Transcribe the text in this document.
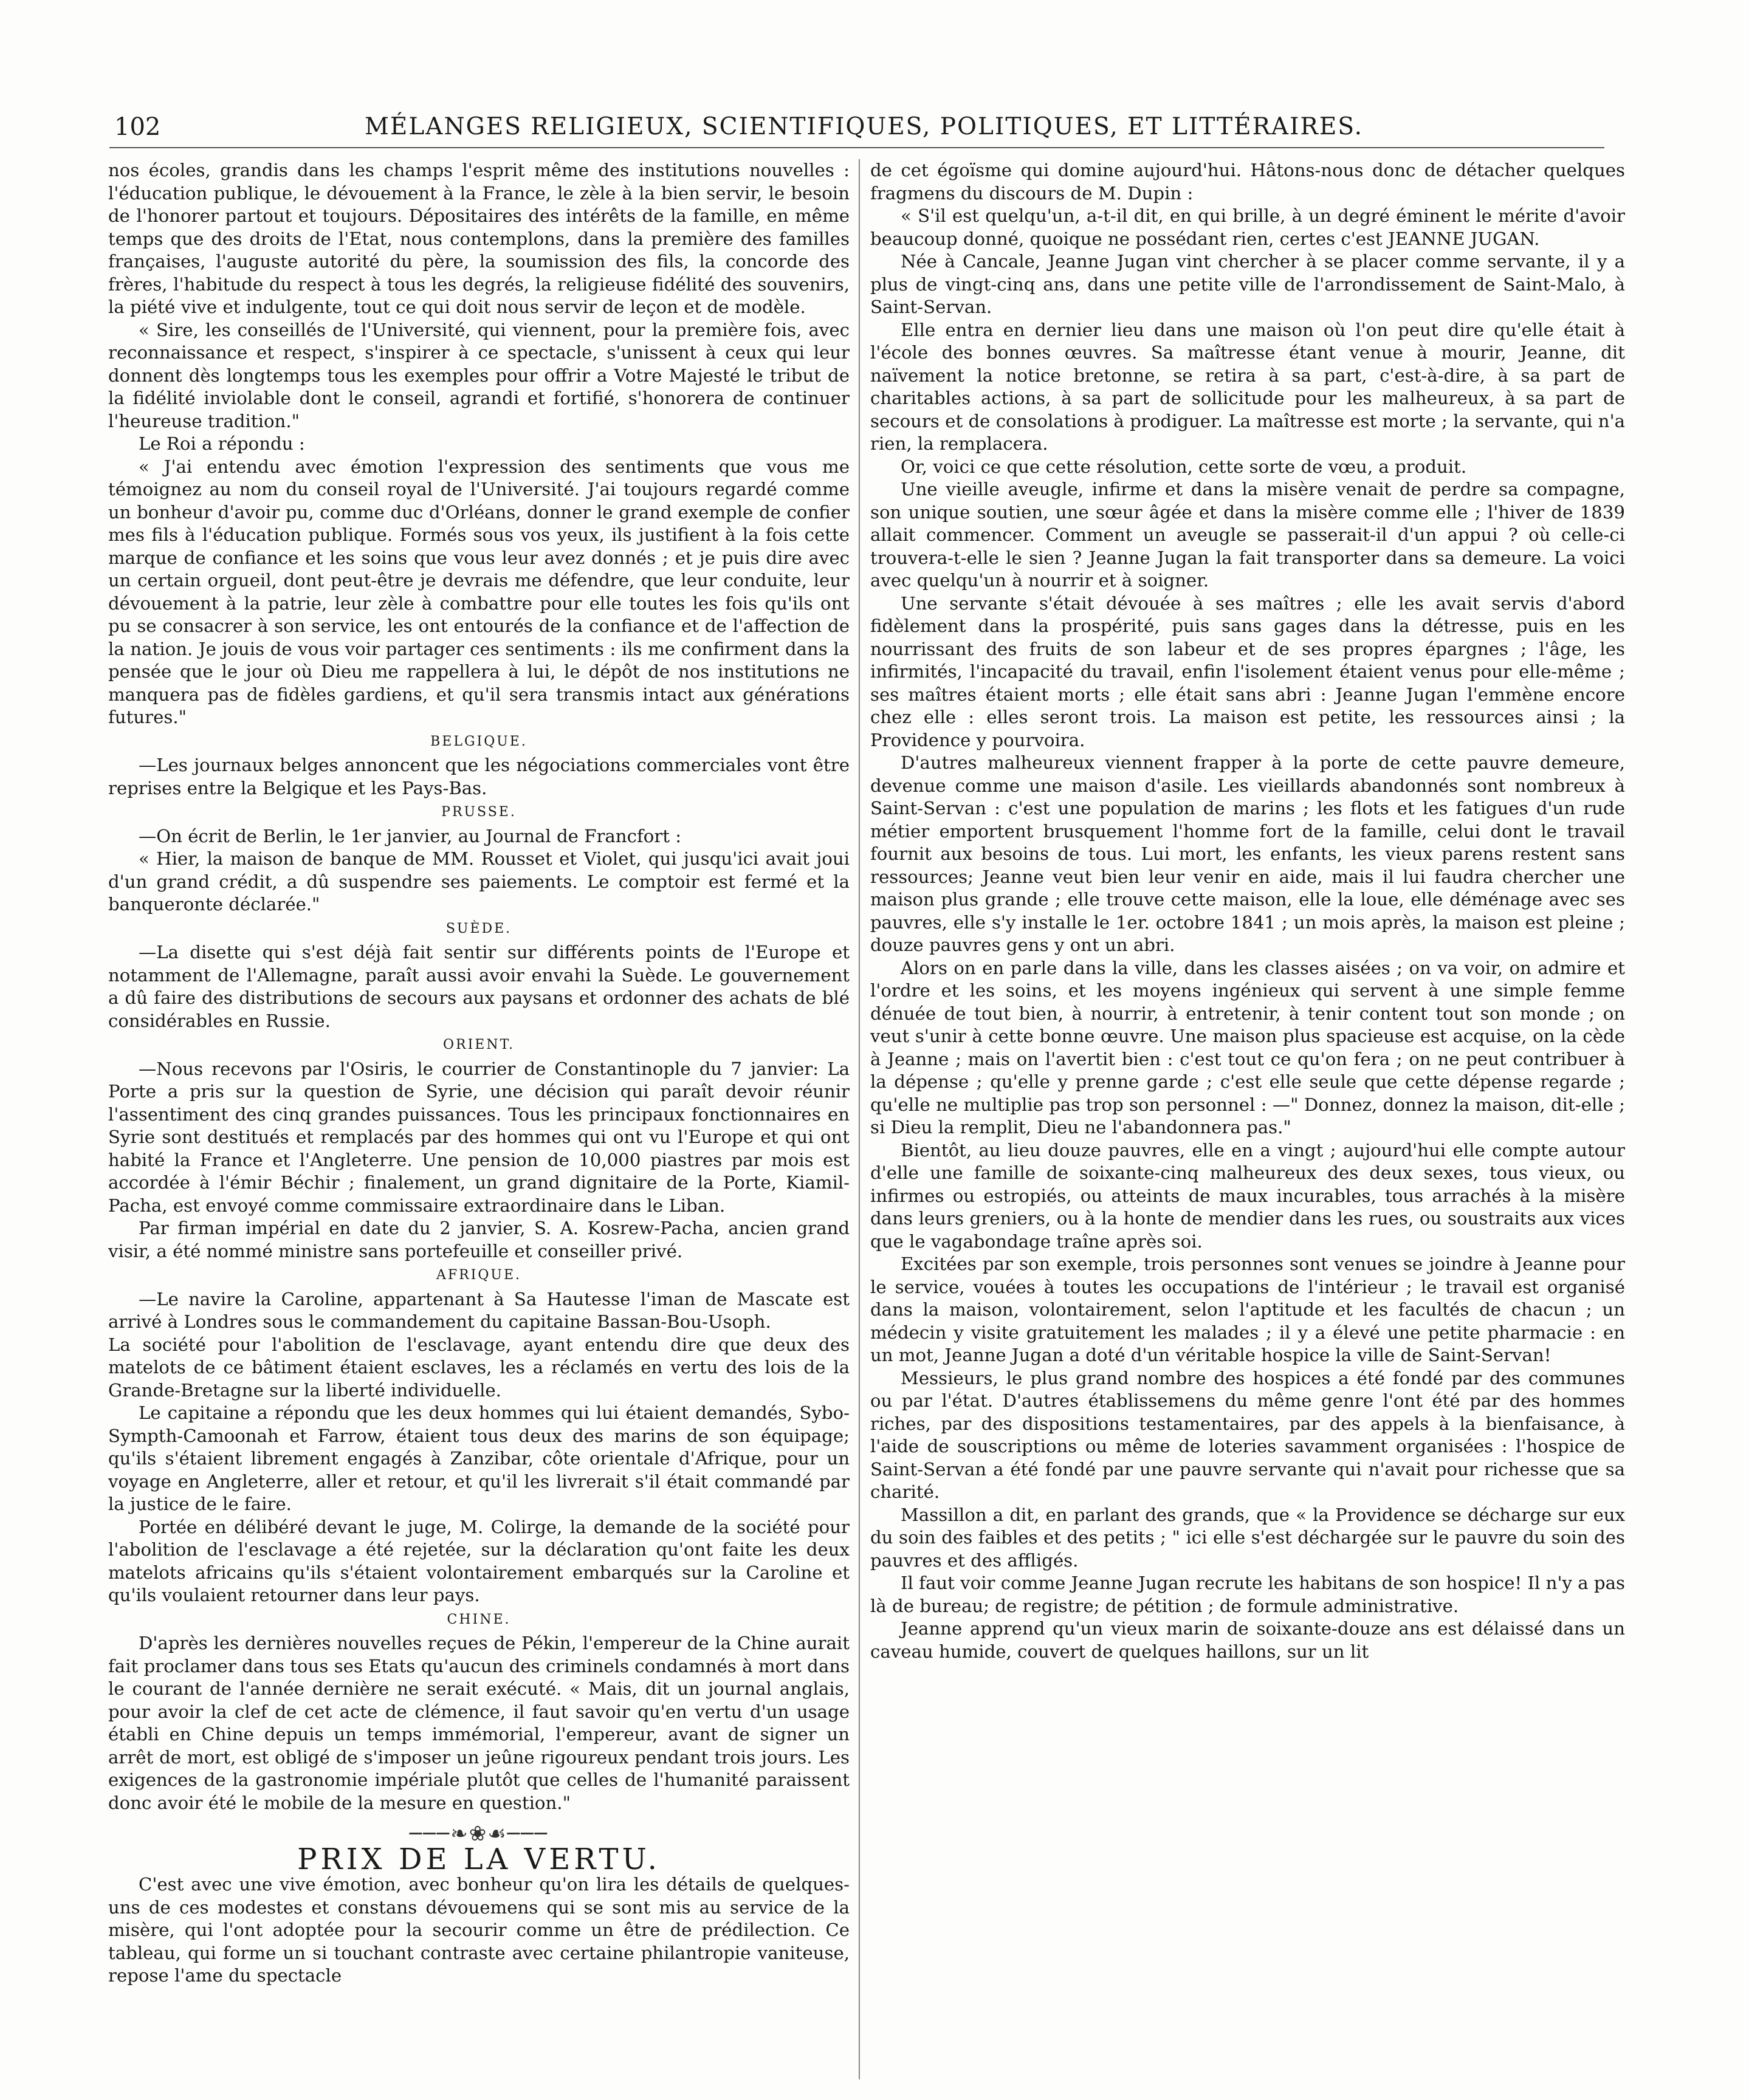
102	MÉLANGES RELIGIEUX, SCIENTIFIQUES, POLITIQUES, ET LITTÉRAIRES.

nos écoles, grandis dans les champs l'esprit même des institutions nouvelles : l'éducation publique, le dévouement à la France, le zèle à la bien servir, le besoin de l'honorer partout et toujours. Dépositaires des intérêts de la famille, en même temps que des droits de l'Etat, nous contemplons, dans la première des familles françaises, l'auguste autorité du père, la soumission des fils, la concorde des frères, l'habitude du respect à tous les degrés, la religieuse fidélité des souvenirs, la piété vive et indulgente, tout ce qui doit nous servir de leçon et de modèle.

« Sire, les conseillés de l'Université, qui viennent, pour la première fois, avec reconnaissance et respect, s'inspirer à ce spectacle, s'unissent à ceux qui leur donnent dès longtemps tous les exemples pour offrir a Votre Majesté le tribut de la fidélité inviolable dont le conseil, agrandi et fortifié, s'honorera de continuer l'heureuse tradition."

Le Roi a répondu :

« J'ai entendu avec émotion l'expression des sentiments que vous me témoignez au nom du conseil royal de l'Université. J'ai toujours regardé comme un bonheur d'avoir pu, comme duc d'Orléans, donner le grand exemple de confier mes fils à l'éducation publique. Formés sous vos yeux, ils justifient à la fois cette marque de confiance et les soins que vous leur avez donnés ; et je puis dire avec un certain orgueil, dont peut-être je devrais me défendre, que leur conduite, leur dévouement à la patrie, leur zèle à combattre pour elle toutes les fois qu'ils ont pu se consacrer à son service, les ont entourés de la confiance et de l'affection de la nation. Je jouis de vous voir partager ces sentiments : ils me confirment dans la pensée que le jour où Dieu me rappellera à lui, le dépôt de nos institutions ne manquera pas de fidèles gardiens, et qu'il sera transmis intact aux générations futures."

BELGIQUE.

—Les journaux belges annoncent que les négociations commerciales vont être reprises entre la Belgique et les Pays-Bas.

PRUSSE.

—On écrit de Berlin, le 1er janvier, au Journal de Francfort :

« Hier, la maison de banque de MM. Rousset et Violet, qui jusqu'ici avait joui d'un grand crédit, a dû suspendre ses paiements. Le comptoir est fermé et la banqueronte déclarée."

SUÈDE.

—La disette qui s'est déjà fait sentir sur différents points de l'Europe et notamment de l'Allemagne, paraît aussi avoir envahi la Suède. Le gouvernement a dû faire des distributions de secours aux paysans et ordonner des achats de blé considérables en Russie.

ORIENT.

—Nous recevons par l'Osiris, le courrier de Constantinople du 7 janvier: La Porte a pris sur la question de Syrie, une décision qui paraît devoir réunir l'assentiment des cinq grandes puissances. Tous les principaux fonctionnaires en Syrie sont destitués et remplacés par des hommes qui ont vu l'Europe et qui ont habité la France et l'Angleterre. Une pension de 10,000 piastres par mois est accordée à l'émir Béchir ; finalement, un grand dignitaire de la Porte, Kiamil-Pacha, est envoyé comme commissaire extraordinaire dans le Liban.

Par firman impérial en date du 2 janvier, S. A. Kosrew-Pacha, ancien grand visir, a été nommé ministre sans portefeuille et conseiller privé.

AFRIQUE.

—Le navire la Caroline, appartenant à Sa Hautesse l'iman de Mascate est arrivé à Londres sous le commandement du capitaine Bassan-Bou-Usoph.

La société pour l'abolition de l'esclavage, ayant entendu dire que deux des matelots de ce bâtiment étaient esclaves, les a réclamés en vertu des lois de la Grande-Bretagne sur la liberté individuelle.

Le capitaine a répondu que les deux hommes qui lui étaient demandés, Sybo-Sympth-Camoonah et Farrow, étaient tous deux des marins de son équipage; qu'ils s'étaient librement engagés à Zanzibar, côte orientale d'Afrique, pour un voyage en Angleterre, aller et retour, et qu'il les livrerait s'il était commandé par la justice de le faire.

Portée en délibéré devant le juge, M. Colirge, la demande de la société pour l'abolition de l'esclavage a été rejetée, sur la déclaration qu'ont faite les deux matelots africains qu'ils s'étaient volontairement embarqués sur la Caroline et qu'ils voulaient retourner dans leur pays.

CHINE.

D'après les dernières nouvelles reçues de Pékin, l'empereur de la Chine aurait fait proclamer dans tous ses Etats qu'aucun des criminels condamnés à mort dans le courant de l'année dernière ne serait exécuté. « Mais, dit un journal anglais, pour avoir la clef de cet acte de clémence, il faut savoir qu'en vertu d'un usage établi en Chine depuis un temps immémorial, l'empereur, avant de signer un arrêt de mort, est obligé de s'imposer un jeûne rigoureux pendant trois jours. Les exigences de la gastronomie impériale plutôt que celles de l'humanité paraissent donc avoir été le mobile de la mesure en question."

───❧❀☙───
PRIX DE LA VERTU.

C'est avec une vive émotion, avec bonheur qu'on lira les détails de quelques-uns de ces modestes et constans dévouemens qui se sont mis au service de la misère, qui l'ont adoptée pour la secourir comme un être de prédilection. Ce tableau, qui forme un si touchant contraste avec certaine philantropie vaniteuse, repose l'ame du spectacle

de cet égoïsme qui domine aujourd'hui. Hâtons-nous donc de détacher quelques fragmens du discours de M. Dupin :

« S'il est quelqu'un, a-t-il dit, en qui brille, à un degré éminent le mérite d'avoir beaucoup donné, quoique ne possédant rien, certes c'est JEANNE JUGAN.

Née à Cancale, Jeanne Jugan vint chercher à se placer comme servante, il y a plus de vingt-cinq ans, dans une petite ville de l'arrondissement de Saint-Malo, à Saint-Servan.

Elle entra en dernier lieu dans une maison où l'on peut dire qu'elle était à l'école des bonnes œuvres. Sa maîtresse étant venue à mourir, Jeanne, dit naïvement la notice bretonne, se retira à sa part, c'est-à-dire, à sa part de charitables actions, à sa part de sollicitude pour les malheureux, à sa part de secours et de consolations à prodiguer. La maîtresse est morte ; la servante, qui n'a rien, la remplacera.

Or, voici ce que cette résolution, cette sorte de vœu, a produit.

Une vieille aveugle, infirme et dans la misère venait de perdre sa compagne, son unique soutien, une sœur âgée et dans la misère comme elle ; l'hiver de 1839 allait commencer. Comment un aveugle se passerait-il d'un appui ? où celle-ci trouvera-t-elle le sien ? Jeanne Jugan la fait transporter dans sa demeure. La voici avec quelqu'un à nourrir et à soigner.

Une servante s'était dévouée à ses maîtres ; elle les avait servis d'abord fidèlement dans la prospérité, puis sans gages dans la détresse, puis en les nourrissant des fruits de son labeur et de ses propres épargnes ; l'âge, les infirmités, l'incapacité du travail, enfin l'isolement étaient venus pour elle-même ; ses maîtres étaient morts ; elle était sans abri : Jeanne Jugan l'emmène encore chez elle : elles seront trois. La maison est petite, les ressources ainsi ; la Providence y pourvoira.

D'autres malheureux viennent frapper à la porte de cette pauvre demeure, devenue comme une maison d'asile. Les vieillards abandonnés sont nombreux à Saint-Servan : c'est une population de marins ; les flots et les fatigues d'un rude métier emportent brusquement l'homme fort de la famille, celui dont le travail fournit aux besoins de tous. Lui mort, les enfants, les vieux parens restent sans ressources; Jeanne veut bien leur venir en aide, mais il lui faudra chercher une maison plus grande ; elle trouve cette maison, elle la loue, elle déménage avec ses pauvres, elle s'y installe le 1er. octobre 1841 ; un mois après, la maison est pleine ; douze pauvres gens y ont un abri.

Alors on en parle dans la ville, dans les classes aisées ; on va voir, on admire et l'ordre et les soins, et les moyens ingénieux qui servent à une simple femme dénuée de tout bien, à nourrir, à entretenir, à tenir content tout son monde ; on veut s'unir à cette bonne œuvre. Une maison plus spacieuse est acquise, on la cède à Jeanne ; mais on l'avertit bien : c'est tout ce qu'on fera ; on ne peut contribuer à la dépense ; qu'elle y prenne garde ; c'est elle seule que cette dépense regarde ; qu'elle ne multiplie pas trop son personnel : —" Donnez, donnez la maison, dit-elle ; si Dieu la remplit, Dieu ne l'abandonnera pas."

Bientôt, au lieu douze pauvres, elle en a vingt ; aujourd'hui elle compte autour d'elle une famille de soixante-cinq malheureux des deux sexes, tous vieux, ou infirmes ou estropiés, ou atteints de maux incurables, tous arrachés à la misère dans leurs greniers, ou à la honte de mendier dans les rues, ou soustraits aux vices que le vagabondage traîne après soi.

Excitées par son exemple, trois personnes sont venues se joindre à Jeanne pour le service, vouées à toutes les occupations de l'intérieur ; le travail est organisé dans la maison, volontairement, selon l'aptitude et les facultés de chacun ; un médecin y visite gratuitement les malades ; il y a élevé une petite pharmacie : en un mot, Jeanne Jugan a doté d'un véritable hospice la ville de Saint-Servan!

Messieurs, le plus grand nombre des hospices a été fondé par des communes ou par l'état. D'autres établissemens du même genre l'ont été par des hommes riches, par des dispositions testamentaires, par des appels à la bienfaisance, à l'aide de souscriptions ou même de loteries savamment organisées : l'hospice de Saint-Servan a été fondé par une pauvre servante qui n'avait pour richesse que sa charité.

Massillon a dit, en parlant des grands, que « la Providence se décharge sur eux du soin des faibles et des petits ; " ici elle s'est déchargée sur le pauvre du soin des pauvres et des affligés.

Il faut voir comme Jeanne Jugan recrute les habitans de son hospice! Il n'y a pas là de bureau; de registre; de pétition ; de formule administrative.

Jeanne apprend qu'un vieux marin de soixante-douze ans est délaissé dans un caveau humide, couvert de quelques haillons, sur un lit
